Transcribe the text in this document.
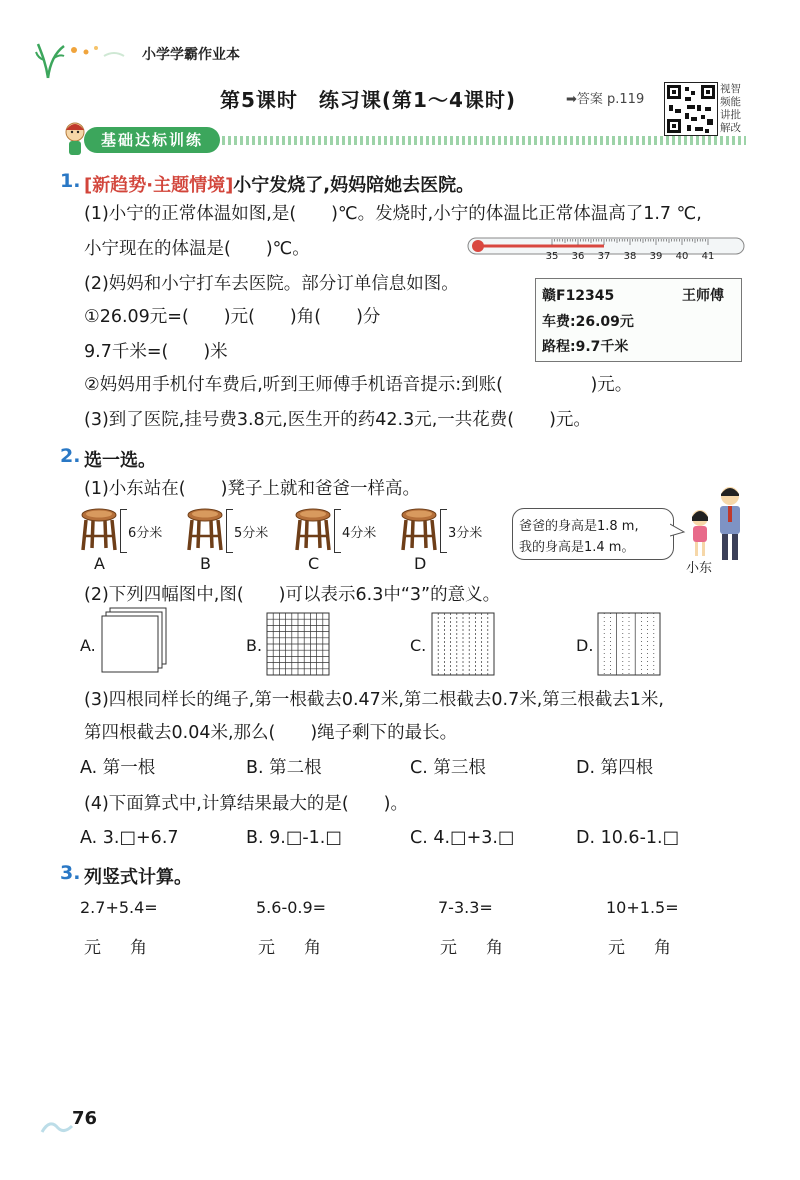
小学学霸作业本
第5课时　练习课(第1～4课时)	➡答案 p.119
视智频能讲批解改
基础达标训练
1. [新趋势·主题情境]小宁发烧了,妈妈陪她去医院。
(1)小宁的正常体温如图,是(　　)℃。发烧时,小宁的体温比正常体温高了1.7 ℃,
小宁现在的体温是(　　)℃。	35 36 37 38 39 40 41
(2)妈妈和小宁打车去医院。部分订单信息如图。
①26.09元=(　　)元(　　)角(　　)分
9.7千米=(　　)米
赣F12345	王师傅
车费:26.09元
路程:9.7千米
②妈妈用手机付车费后,听到王师傅手机语音提示:到账(　　　　　)元。
(3)到了医院,挂号费3.8元,医生开的药42.3元,一共花费(　　)元。
2. 选一选。
(1)小东站在(　　)凳子上就和爸爸一样高。
6分米
A
5分米
B
4分米
C
3分米
D
爸爸的身高是1.8 m,
我的身高是1.4 m。
小东
(2)下列四幅图中,图(　　)可以表示6.3中“3”的意义。
A.	B.	C.	D.
(3)四根同样长的绳子,第一根截去0.47米,第二根截去0.7米,第三根截去1米,
第四根截去0.04米,那么(　　)绳子剩下的最长。
A. 第一根	B. 第二根	C. 第三根	D. 第四根
(4)下面算式中,计算结果最大的是(　　)。
A. 3.□+6.7	B. 9.□-1.□	C. 4.□+3.□	D. 10.6-1.□
3. 列竖式计算。
2.7+5.4=	5.6-0.9=	7-3.3=	10+1.5=
元 角	元 角	元 角	元 角
76
